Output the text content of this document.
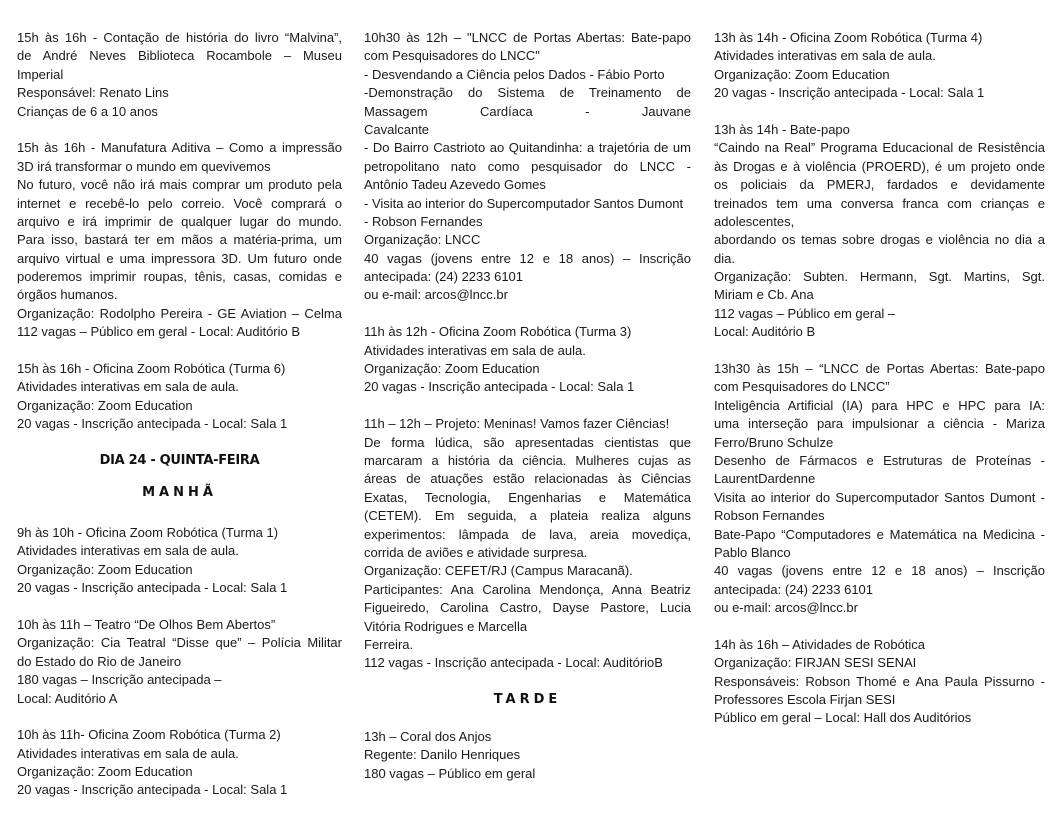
15h às 16h - Contação de história do livro “Malvina”,
de André Neves Biblioteca Rocambole – Museu
Imperial
Responsável: Renato Lins
Crianças de 6 a 10 anos
15h às 16h - Manufatura Aditiva – Como a impressão
3D irá transformar o mundo em quevivemos
No futuro, você não irá mais comprar um produto pela
internet e recebê-lo pelo correio. Você comprará o
arquivo e irá imprimir de qualquer lugar do mundo.
Para isso, bastará ter em mãos a matéria-prima, um
arquivo virtual e uma impressora 3D. Um futuro onde
poderemos imprimir roupas, tênis, casas, comidas e
órgãos humanos.
Organização: Rodolpho Pereira - GE Aviation – Celma
112 vagas – Público em geral - Local: Auditório B
15h às 16h - Oficina Zoom Robótica (Turma 6)
Atividades interativas em sala de aula.
Organização: Zoom Education
20 vagas - Inscrição antecipada - Local: Sala 1
DIA 24 - QUINTA-FEIRA
MANHÃ
9h às 10h - Oficina Zoom Robótica (Turma 1)
Atividades interativas em sala de aula.
Organização: Zoom Education
20 vagas - Inscrição antecipada - Local: Sala 1
10h às 11h – Teatro “De Olhos Bem Abertos”
Organização: Cia Teatral “Disse que” – Polícia Militar
do Estado do Rio de Janeiro
180 vagas – Inscrição antecipada –
Local: Auditório A
10h às 11h- Oficina Zoom Robótica (Turma 2)
Atividades interativas em sala de aula.
Organização: Zoom Education
20 vagas - Inscrição antecipada - Local: Sala 1
10h30 às 12h – "LNCC de Portas Abertas: Bate-papo
com Pesquisadores do LNCC"
- Desvendando a Ciência pelos Dados - Fábio Porto
-Demonstração do Sistema de Treinamento de
Massagem Cardíaca - Jauvane
Cavalcante
- Do Bairro Castrioto ao Quitandinha: a trajetória de um
petropolitano nato como pesquisador do LNCC -
Antônio Tadeu Azevedo Gomes
- Visita ao interior do Supercomputador Santos Dumont
- Robson Fernandes
Organização: LNCC
40 vagas (jovens entre 12 e 18 anos) – Inscrição
antecipada: (24) 2233 6101
ou e-mail: arcos@lncc.br
11h às 12h - Oficina Zoom Robótica (Turma 3)
Atividades interativas em sala de aula.
Organização: Zoom Education
20 vagas - Inscrição antecipada - Local: Sala 1
11h – 12h – Projeto: Meninas! Vamos fazer Ciências!
De forma lúdica, são apresentadas cientistas que
marcaram a história da ciência. Mulheres cujas as
áreas de atuações estão relacionadas às Ciências
Exatas, Tecnologia, Engenharias e Matemática
(CETEM). Em seguida, a plateia realiza alguns
experimentos: lâmpada de lava, areia movediça,
corrida de aviões e atividade surpresa.
Organização: CEFET/RJ (Campus Maracanã).
Participantes: Ana Carolina Mendonça, Anna Beatriz
Figueiredo, Carolina Castro, Dayse Pastore, Lucia
Vitória Rodrigues e Marcella
Ferreira.
112 vagas - Inscrição antecipada - Local: AuditórioB
TARDE
13h – Coral dos Anjos
Regente: Danilo Henriques
180 vagas – Público em geral
13h às 14h - Oficina Zoom Robótica (Turma 4)
Atividades interativas em sala de aula.
Organização: Zoom Education
20 vagas - Inscrição antecipada - Local: Sala 1
13h às 14h - Bate-papo
“Caindo na Real” Programa Educacional de Resistência
às Drogas e à violência (PROERD), é um projeto onde
os policiais da PMERJ, fardados e devidamente
treinados tem uma conversa franca com crianças e
adolescentes,
abordando os temas sobre drogas e violência no dia a
dia.
Organização: Subten. Hermann, Sgt. Martins, Sgt.
Miriam e Cb. Ana
112 vagas – Público em geral –
Local: Auditório B
13h30 às 15h – “LNCC de Portas Abertas: Bate-papo
com Pesquisadores do LNCC”
Inteligência Artificial (IA) para HPC e HPC para IA:
uma interseção para impulsionar a ciência - Mariza
Ferro/Bruno Schulze
Desenho de Fármacos e Estruturas de Proteínas -
LaurentDardenne
Visita ao interior do Supercomputador Santos Dumont -
Robson Fernandes
Bate-Papo “Computadores e Matemática na Medicina -
Pablo Blanco
40 vagas (jovens entre 12 e 18 anos) – Inscrição
antecipada: (24) 2233 6101
ou e-mail: arcos@lncc.br
14h às 16h – Atividades de Robótica
Organização: FIRJAN SESI SENAI
Responsáveis: Robson Thomé e Ana Paula Pissurno -
Professores Escola Firjan SESI
Público em geral – Local: Hall dos Auditórios
